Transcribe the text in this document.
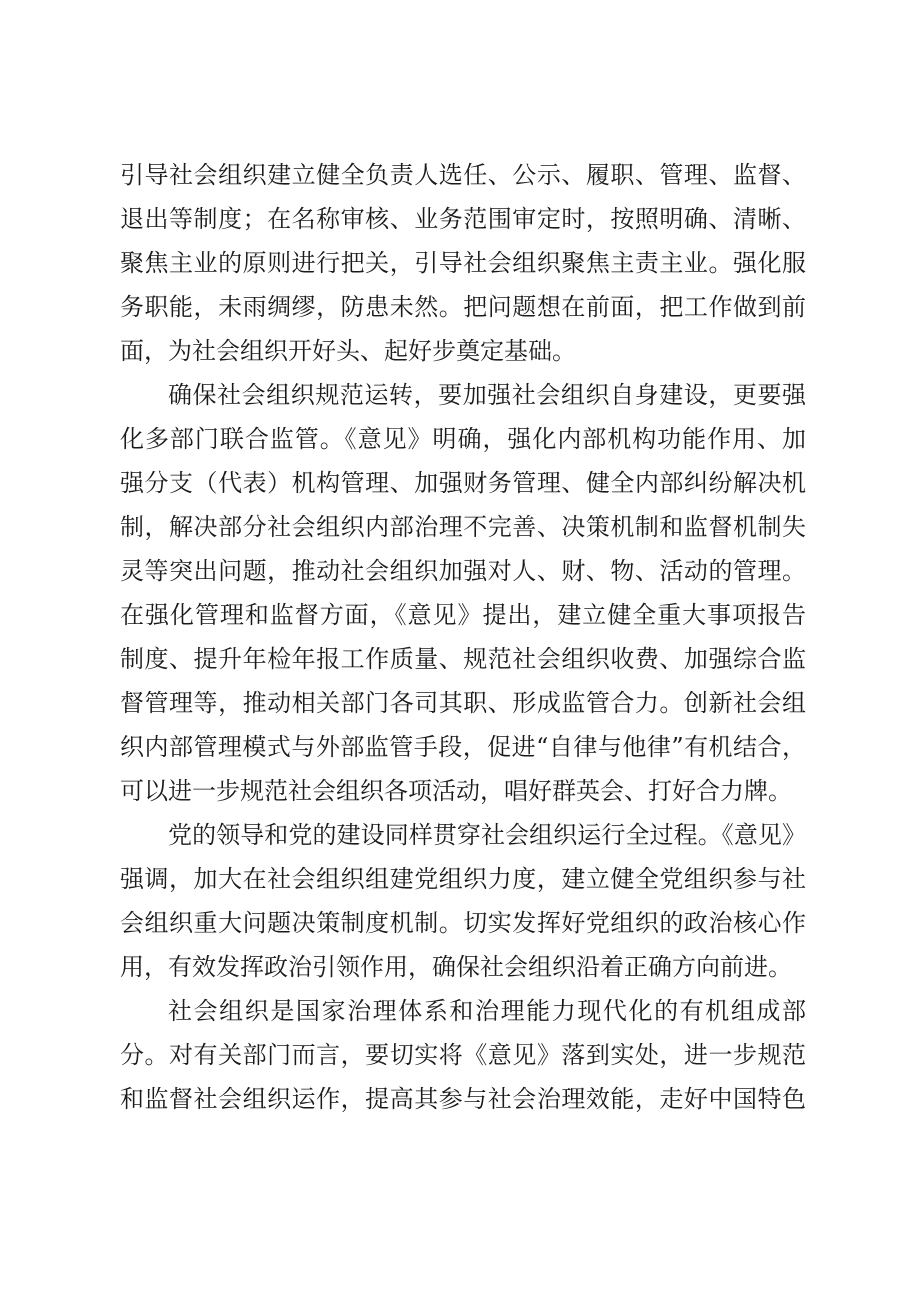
引导社会组织建立健全负责人选任、公示、履职、管理、监督、
退出等制度；在名称审核、业务范围审定时，按照明确、清晰、
聚焦主业的原则进行把关，引导社会组织聚焦主责主业。强化服
务职能，未雨绸缪，防患未然。把问题想在前面，把工作做到前
面，为社会组织开好头、起好步奠定基础。
确保社会组织规范运转，要加强社会组织自身建设，更要强
化多部门联合监管。《意见》明确，强化内部机构功能作用、加
强分支（代表）机构管理、加强财务管理、健全内部纠纷解决机
制，解决部分社会组织内部治理不完善、决策机制和监督机制失
灵等突出问题，推动社会组织加强对人、财、物、活动的管理。
在强化管理和监督方面，《意见》提出，建立健全重大事项报告
制度、提升年检年报工作质量、规范社会组织收费、加强综合监
督管理等，推动相关部门各司其职、形成监管合力。创新社会组
织内部管理模式与外部监管手段，促进“自律与他律”有机结合，
可以进一步规范社会组织各项活动，唱好群英会、打好合力牌。
党的领导和党的建设同样贯穿社会组织运行全过程。《意见》
强调，加大在社会组织组建党组织力度，建立健全党组织参与社
会组织重大问题决策制度机制。切实发挥好党组织的政治核心作
用，有效发挥政治引领作用，确保社会组织沿着正确方向前进。
社会组织是国家治理体系和治理能力现代化的有机组成部
分。对有关部门而言，要切实将《意见》落到实处，进一步规范
和监督社会组织运作，提高其参与社会治理效能，走好中国特色
